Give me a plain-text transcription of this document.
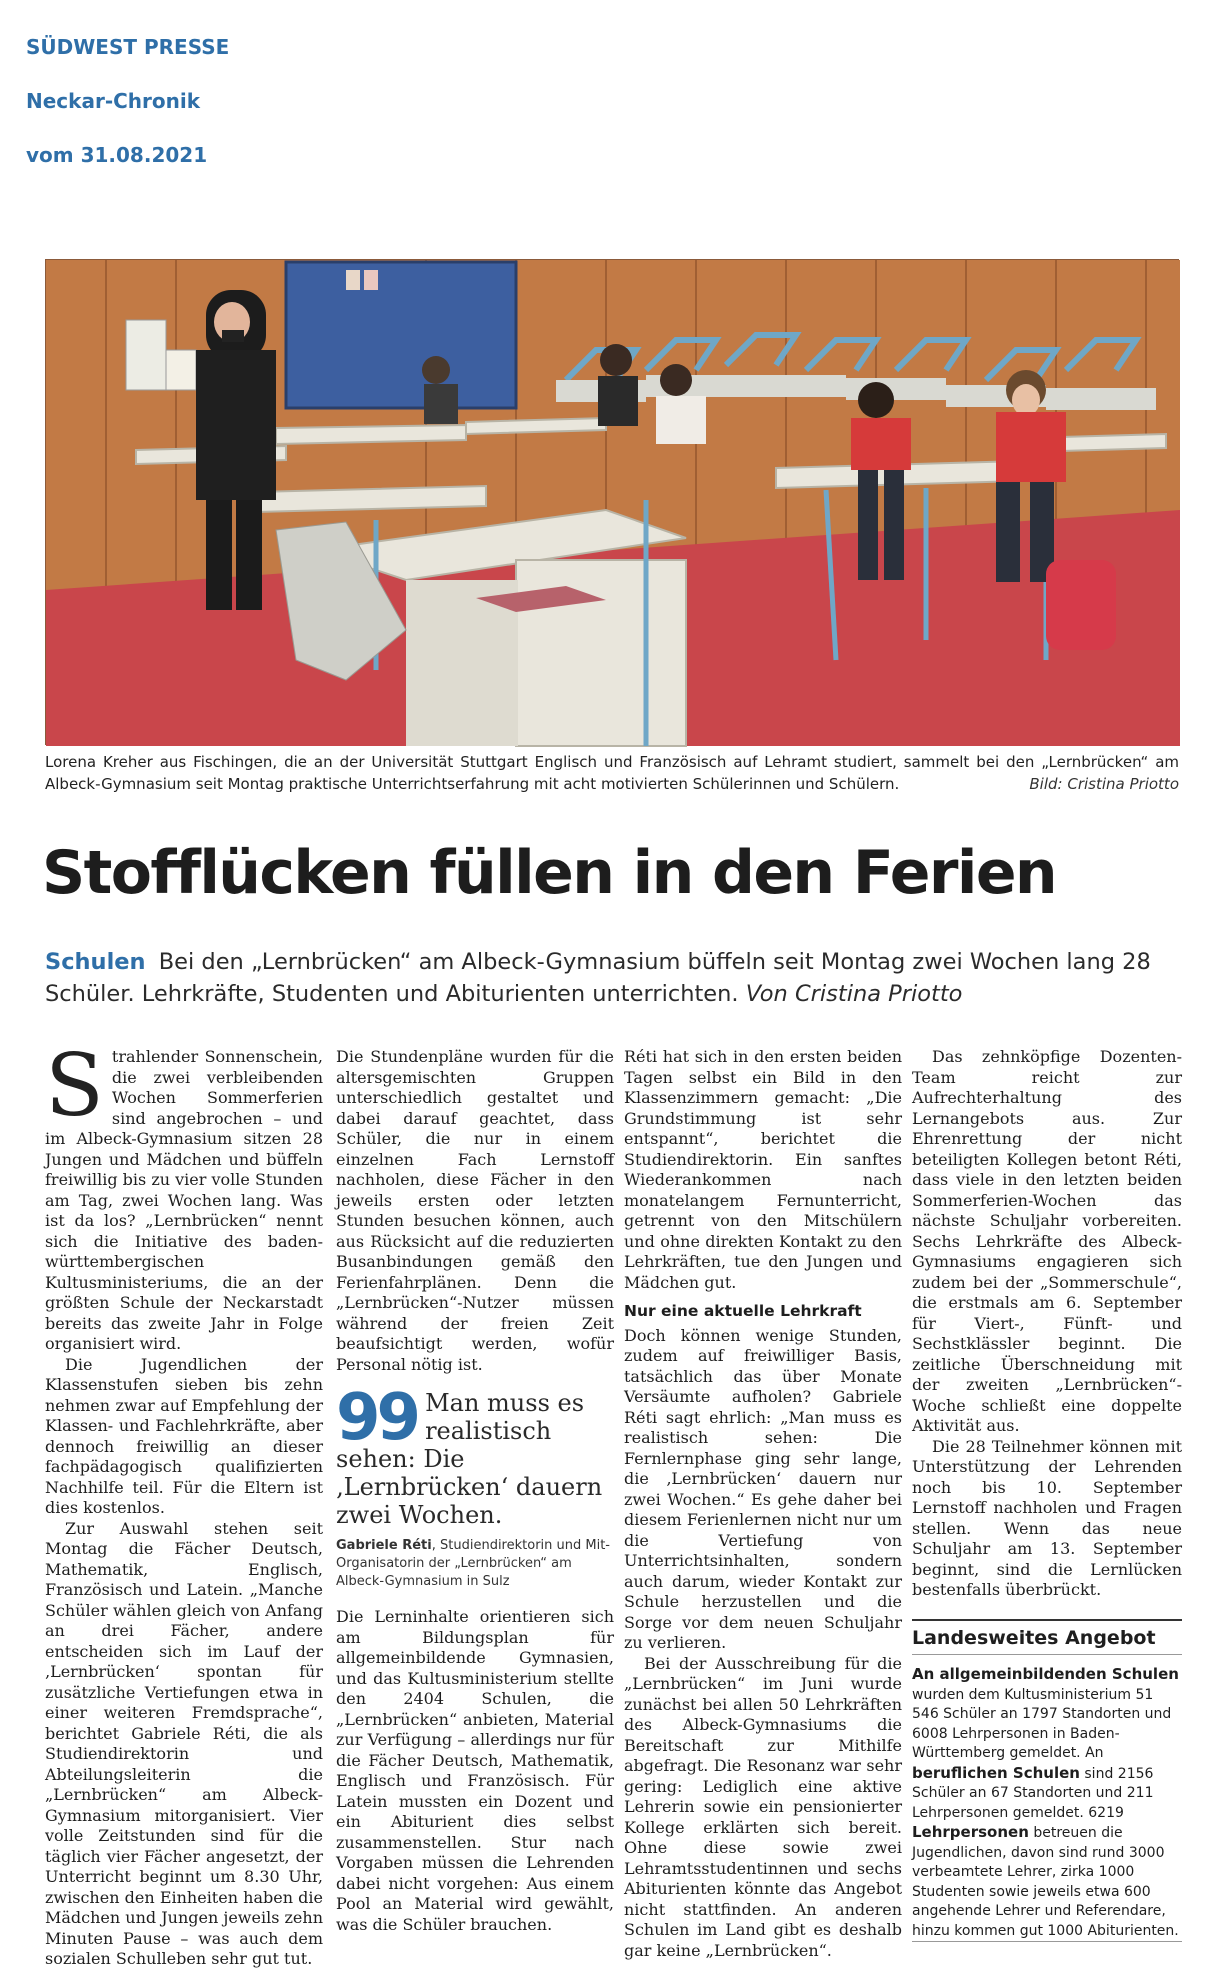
SÜDWEST PRESSE
Neckar-Chronik
vom 31.08.2021
Lorena Kreher aus Fischingen, die an der Universität Stuttgart Englisch und Französisch auf Lehramt studiert, sammelt bei den „Lernbrücken“ am Albeck-Gymnasium seit Montag praktische Unterrichtserfahrung mit acht motivierten Schülerinnen und Schülern.	Bild: Cristina Priotto
Stofflücken füllen in den Ferien
Schulen Bei den „Lernbrücken“ am Albeck-Gymnasium büffeln seit Montag zwei Wochen lang 28 Schüler. Lehrkräfte, Studenten und Abiturienten unterrichten. Von Cristina Priotto

S trahlender Sonnenschein, die zwei verbleibenden Wochen Sommerferien sind angebrochen – und im Albeck-Gymnasium sitzen 28 Jungen und Mädchen und büffeln freiwillig bis zu vier volle Stunden am Tag, zwei Wochen lang. Was ist da los? „Lernbrücken“ nennt sich die Initiative des baden-württembergischen Kultusministeriums, die an der größten Schule der Neckarstadt bereits das zweite Jahr in Folge organisiert wird.

Die Jugendlichen der Klassenstufen sieben bis zehn nehmen zwar auf Empfehlung der Klassen- und Fachlehrkräfte, aber dennoch freiwillig an dieser fachpädagogisch qualifizierten Nachhilfe teil. Für die Eltern ist dies kostenlos.

Zur Auswahl stehen seit Montag die Fächer Deutsch, Mathematik, Englisch, Französisch und Latein. „Manche Schüler wählen gleich von Anfang an drei Fächer, andere entscheiden sich im Lauf der ‚Lernbrücken‘ spontan für zusätzliche Vertiefungen etwa in einer weiteren Fremdsprache“, berichtet Gabriele Réti, die als Studiendirektorin und Abteilungsleiterin die „Lernbrücken“ am Albeck-Gymnasium mitorganisiert. Vier volle Zeitstunden sind für die täglich vier Fächer angesetzt, der Unterricht beginnt um 8.30 Uhr, zwischen den Einheiten haben die Mädchen und Jungen jeweils zehn Minuten Pause – was auch dem sozialen Schulleben sehr gut tut.

Die Stundenpläne wurden für die altersgemischten Gruppen unterschiedlich gestaltet und dabei darauf geachtet, dass Schüler, die nur in einem einzelnen Fach Lernstoff nachholen, diese Fächer in den jeweils ersten oder letzten Stunden besuchen können, auch aus Rücksicht auf die reduzierten Busanbindungen gemäß den Ferienfahrplänen. Denn die „Lernbrücken“-Nutzer müssen während der freien Zeit beaufsichtigt werden, wofür Personal nötig ist.

99 Man muss es realistisch sehen: Die ‚Lernbrücken‘ dauern zwei Wochen.
Gabriele Réti, Studiendirektorin und Mit-Organisatorin der „Lernbrücken“ am Albeck-Gymnasium in Sulz

Die Lerninhalte orientieren sich am Bildungsplan für allgemeinbildende Gymnasien, und das Kultusministerium stellte den 2404 Schulen, die „Lernbrücken“ anbieten, Material zur Verfügung – allerdings nur für die Fächer Deutsch, Mathematik, Englisch und Französisch. Für Latein mussten ein Dozent und ein Abiturient dies selbst zusammenstellen. Stur nach Vorgaben müssen die Lehrenden dabei nicht vorgehen: Aus einem Pool an Material wird gewählt, was die Schüler brauchen.

Réti hat sich in den ersten beiden Tagen selbst ein Bild in den Klassenzimmern gemacht: „Die Grundstimmung ist sehr entspannt“, berichtet die Studiendirektorin. Ein sanftes Wiederankommen nach monatelangem Fernunterricht, getrennt von den Mitschülern und ohne direkten Kontakt zu den Lehrkräften, tue den Jungen und Mädchen gut.

Nur eine aktuelle Lehrkraft

Doch können wenige Stunden, zudem auf freiwilliger Basis, tatsächlich das über Monate Versäumte aufholen? Gabriele Réti sagt ehrlich: „Man muss es realistisch sehen: Die Fernlernphase ging sehr lange, die ‚Lernbrücken‘ dauern nur zwei Wochen.“ Es gehe daher bei diesem Ferienlernen nicht nur um die Vertiefung von Unterrichtsinhalten, sondern auch darum, wieder Kontakt zur Schule herzustellen und die Sorge vor dem neuen Schuljahr zu verlieren.

Bei der Ausschreibung für die „Lernbrücken“ im Juni wurde zunächst bei allen 50 Lehrkräften des Albeck-Gymnasiums die Bereitschaft zur Mithilfe abgefragt. Die Resonanz war sehr gering: Lediglich eine aktive Lehrerin sowie ein pensionierter Kollege erklärten sich bereit. Ohne diese sowie zwei Lehramtsstudentinnen und sechs Abiturienten könnte das Angebot nicht stattfinden. An anderen Schulen im Land gibt es deshalb gar keine „Lernbrücken“.

Das zehnköpfige Dozenten-Team reicht zur Aufrechterhaltung des Lernangebots aus. Zur Ehrenrettung der nicht beteiligten Kollegen betont Réti, dass viele in den letzten beiden Sommerferien-Wochen das nächste Schuljahr vorbereiten. Sechs Lehrkräfte des Albeck-Gymnasiums engagieren sich zudem bei der „Sommerschule“, die erstmals am 6. September für Viert-, Fünft- und Sechstklässler beginnt. Die zeitliche Überschneidung mit der zweiten „Lernbrücken“-Woche schließt eine doppelte Aktivität aus.

Die 28 Teilnehmer können mit Unterstützung der Lehrenden noch bis 10. September Lernstoff nachholen und Fragen stellen. Wenn das neue Schuljahr am 13. September beginnt, sind die Lernlücken bestenfalls überbrückt.

Landesweites Angebot
An allgemeinbildenden Schulen wurden dem Kultusministerium 51 546 Schüler an 1797 Standorten und 6008 Lehrpersonen in Baden-Württemberg gemeldet. An beruflichen Schulen sind 2156 Schüler an 67 Standorten und 211 Lehrpersonen gemeldet. 6219 Lehrpersonen betreuen die Jugendlichen, davon sind rund 3000 verbeamtete Lehrer, zirka 1000 Studenten sowie jeweils etwa 600 angehende Lehrer und Referendare, hinzu kommen gut 1000 Abiturienten.
